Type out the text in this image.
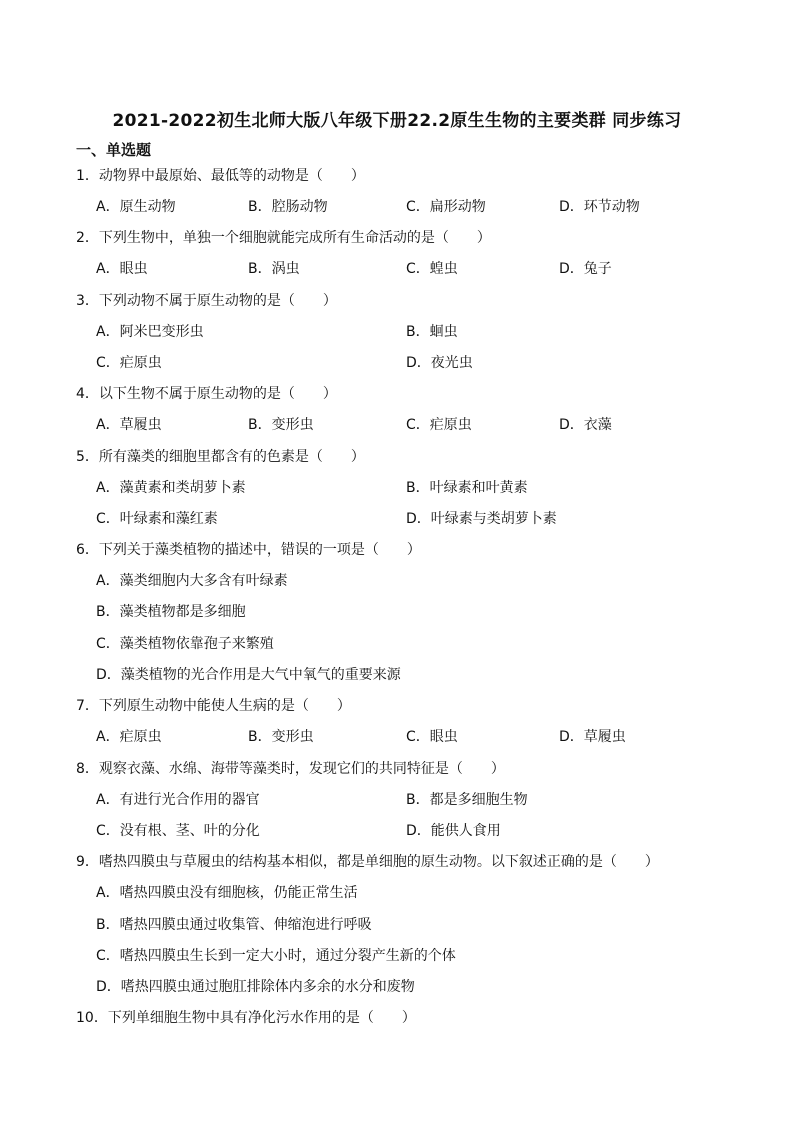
2021-2022初生北师大版八年级下册22.2原生生物的主要类群 同步练习
一、单选题
1．动物界中最原始、最低等的动物是（　　）
A．原生动物	B．腔肠动物	C．扁形动物	D．环节动物
2．下列生物中，单独一个细胞就能完成所有生命活动的是（　　）
A．眼虫	B．涡虫	C．蝗虫	D．兔子
3．下列动物不属于原生动物的是（　　）
A．阿米巴变形虫	B．蛔虫
C．疟原虫	D．夜光虫
4．以下生物不属于原生动物的是（　　）
A．草履虫	B．变形虫	C．疟原虫	D．衣藻
5．所有藻类的细胞里都含有的色素是（　　）
A．藻黄素和类胡萝卜素	B．叶绿素和叶黄素
C．叶绿素和藻红素	D．叶绿素与类胡萝卜素
6．下列关于藻类植物的描述中，错误的一项是（　　）
A．藻类细胞内大多含有叶绿素
B．藻类植物都是多细胞
C．藻类植物依靠孢子来繁殖
D．藻类植物的光合作用是大气中氧气的重要来源
7．下列原生动物中能使人生病的是（　　）
A．疟原虫	B．变形虫	C．眼虫	D．草履虫
8．观察衣藻、水绵、海带等藻类时，发现它们的共同特征是（　　）
A．有进行光合作用的器官	B．都是多细胞生物
C．没有根、茎、叶的分化	D．能供人食用
9．嗜热四膜虫与草履虫的结构基本相似，都是单细胞的原生动物。以下叙述正确的是（　　）
A．嗜热四膜虫没有细胞核，仍能正常生活
B．嗜热四膜虫通过收集管、伸缩泡进行呼吸
C．嗜热四膜虫生长到一定大小时，通过分裂产生新的个体
D．嗜热四膜虫通过胞肛排除体内多余的水分和废物
10．下列单细胞生物中具有净化污水作用的是（　　）
